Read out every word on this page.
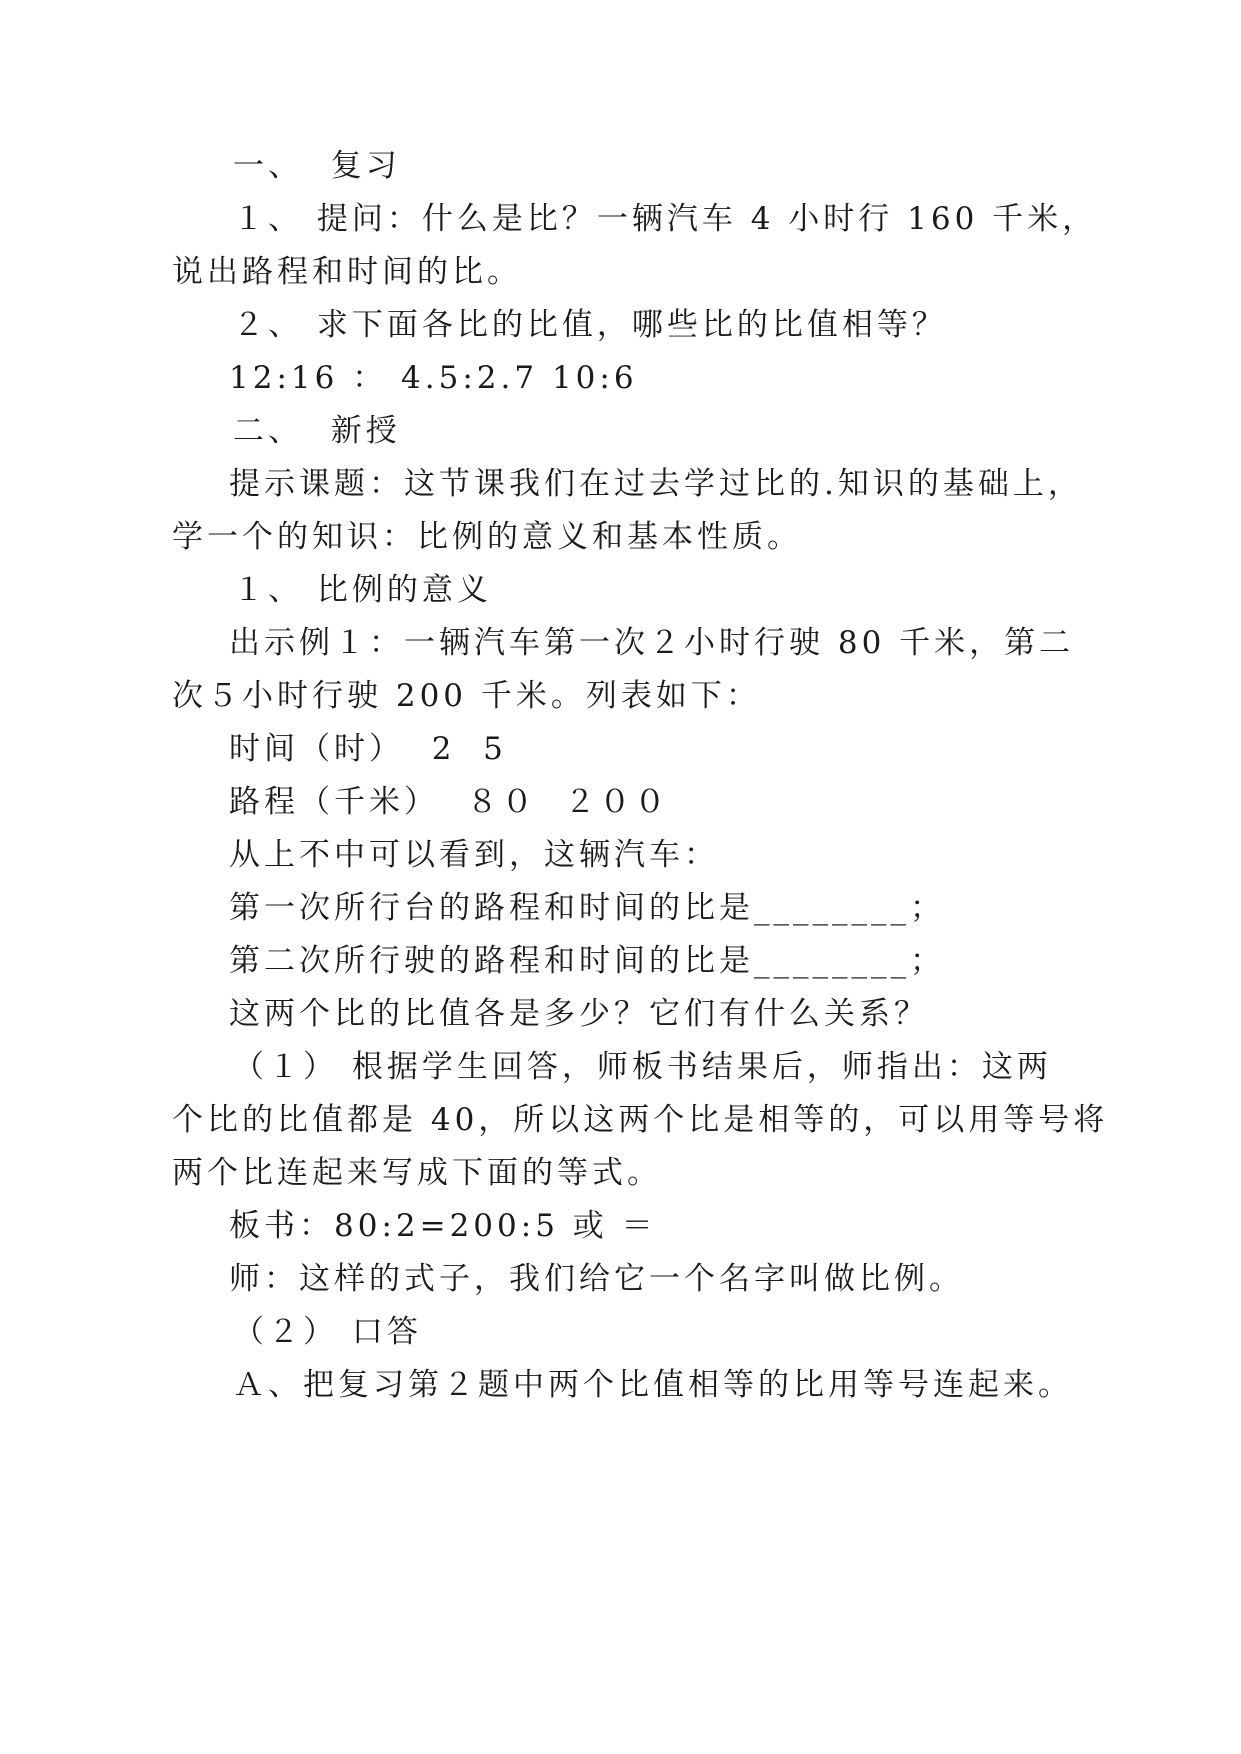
一、  复习
１、 提问：什么是比？一辆汽车 4 小时行 160 千米，
说出路程和时间的比。
２、 求下面各比的比值，哪些比的比值相等？
12:16 ： 4.5:2.7 10:6
二、  新授
提示课题：这节课我们在过去学过比的.知识的基础上，
学一个的知识：比例的意义和基本性质。
１、 比例的意义
出示例１：一辆汽车第一次２小时行驶 80 千米，第二
次５小时行驶 200 千米。列表如下：
时间（时）  2  5
路程（千米）  ８０  ２００
从上不中可以看到，这辆汽车：
第一次所行台的路程和时间的比是________；
第二次所行驶的路程和时间的比是________；
这两个比的比值各是多少？它们有什么关系？
（１） 根据学生回答，师板书结果后，师指出：这两
个比的比值都是 40，所以这两个比是相等的，可以用等号将
两个比连起来写成下面的等式。
板书：80:2=200:5 或 ＝
师：这样的式子，我们给它一个名字叫做比例。
（２） 口答
Ａ、把复习第２题中两个比值相等的比用等号连起来。
